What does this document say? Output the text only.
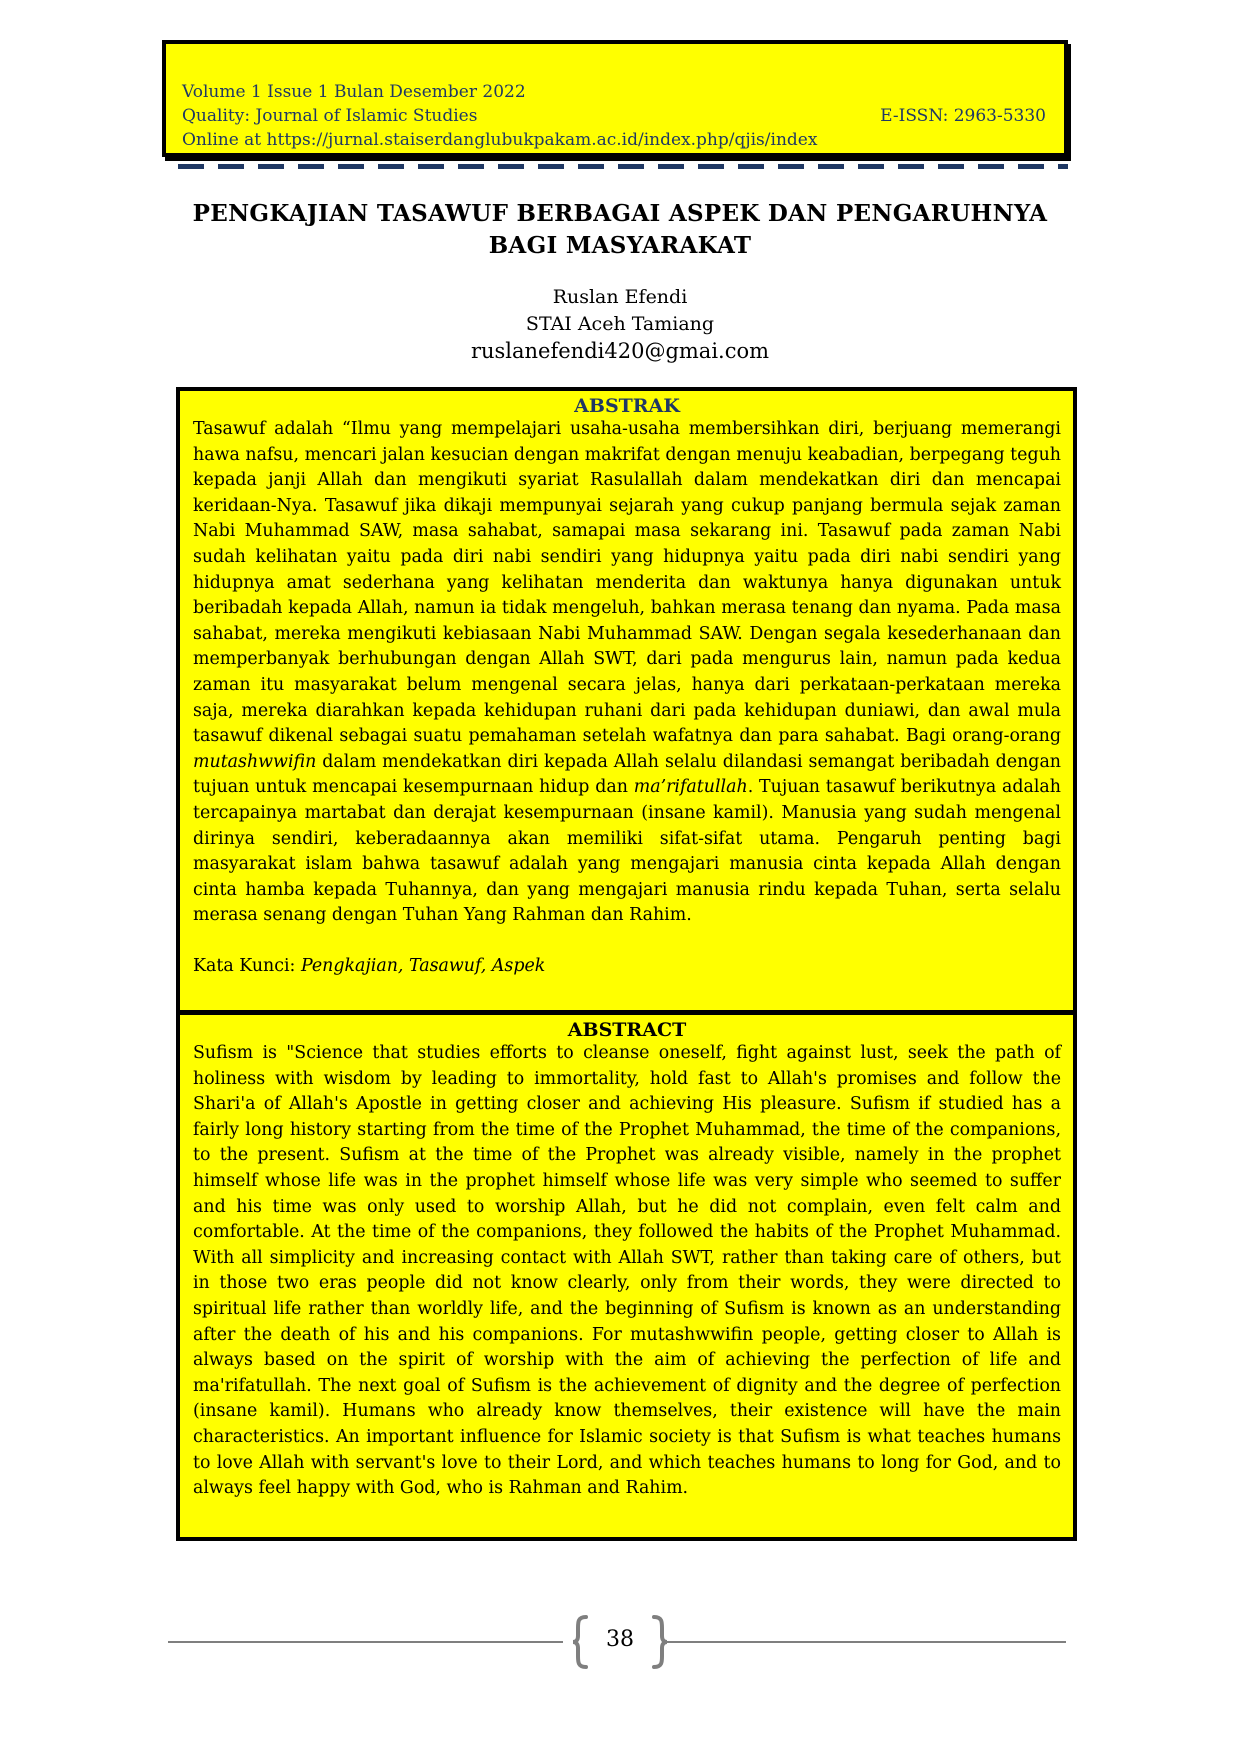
Volume 1 Issue 1 Bulan Desember 2022
Quality: Journal of Islamic Studies	E-ISSN: 2963-5330
Online at https://jurnal.staiserdanglubukpakam.ac.id/index.php/qjis/index
PENGKAJIAN TASAWUF BERBAGAI ASPEK DAN PENGARUHNYA
BAGI MASYARAKAT
Ruslan Efendi
STAI Aceh Tamiang
ruslanefendi420@gmai.com
ABSTRAK
Tasawuf adalah “Ilmu yang mempelajari usaha-usaha membersihkan diri, berjuang memerangi hawa nafsu, mencari jalan kesucian dengan makrifat dengan menuju keabadian, berpegang teguh kepada janji Allah dan mengikuti syariat Rasulallah dalam mendekatkan diri dan mencapai keridaan-Nya. Tasawuf jika dikaji mempunyai sejarah yang cukup panjang bermula sejak zaman Nabi Muhammad SAW, masa sahabat, samapai masa sekarang ini. Tasawuf pada zaman Nabi sudah kelihatan yaitu pada diri nabi sendiri yang hidupnya yaitu pada diri nabi sendiri yang hidupnya amat sederhana yang kelihatan menderita dan waktunya hanya digunakan untuk beribadah kepada Allah, namun ia tidak mengeluh, bahkan merasa tenang dan nyama. Pada masa sahabat, mereka mengikuti kebiasaan Nabi Muhammad SAW. Dengan segala kesederhanaan dan memperbanyak berhubungan dengan Allah SWT, dari pada mengurus lain, namun pada kedua zaman itu masyarakat belum mengenal secara jelas, hanya dari perkataan-perkataan mereka saja, mereka diarahkan kepada kehidupan ruhani dari pada kehidupan duniawi, dan awal mula tasawuf dikenal sebagai suatu pemahaman setelah wafatnya dan para sahabat. Bagi orang-orang mutashwwifin dalam mendekatkan diri kepada Allah selalu dilandasi semangat beribadah dengan tujuan untuk mencapai kesempurnaan hidup dan ma’rifatullah. Tujuan tasawuf berikutnya adalah tercapainya martabat dan derajat kesempurnaan (insane kamil). Manusia yang sudah mengenal dirinya sendiri, keberadaannya akan memiliki sifat-sifat utama. Pengaruh penting bagi masyarakat islam bahwa tasawuf adalah yang mengajari manusia cinta kepada Allah dengan cinta hamba kepada Tuhannya, dan yang mengajari manusia rindu kepada Tuhan, serta selalu merasa senang dengan Tuhan Yang Rahman dan Rahim.
Kata Kunci: Pengkajian, Tasawuf, Aspek
ABSTRACT
Sufism is "Science that studies efforts to cleanse oneself, fight against lust, seek the path of holiness with wisdom by leading to immortality, hold fast to Allah's promises and follow the Shari'a of Allah's Apostle in getting closer and achieving His pleasure. Sufism if studied has a fairly long history starting from the time of the Prophet Muhammad, the time of the companions, to the present. Sufism at the time of the Prophet was already visible, namely in the prophet himself whose life was in the prophet himself whose life was very simple who seemed to suffer and his time was only used to worship Allah, but he did not complain, even felt calm and comfortable. At the time of the companions, they followed the habits of the Prophet Muhammad. With all simplicity and increasing contact with Allah SWT, rather than taking care of others, but in those two eras people did not know clearly, only from their words, they were directed to spiritual life rather than worldly life, and the beginning of Sufism is known as an understanding after the death of his and his companions. For mutashwwifin people, getting closer to Allah is always based on the spirit of worship with the aim of achieving the perfection of life and ma'rifatullah. The next goal of Sufism is the achievement of dignity and the degree of perfection (insane kamil). Humans who already know themselves, their existence will have the main characteristics. An important influence for Islamic society is that Sufism is what teaches humans to love Allah with servant's love to their Lord, and which teaches humans to long for God, and to always feel happy with God, who is Rahman and Rahim.
38
